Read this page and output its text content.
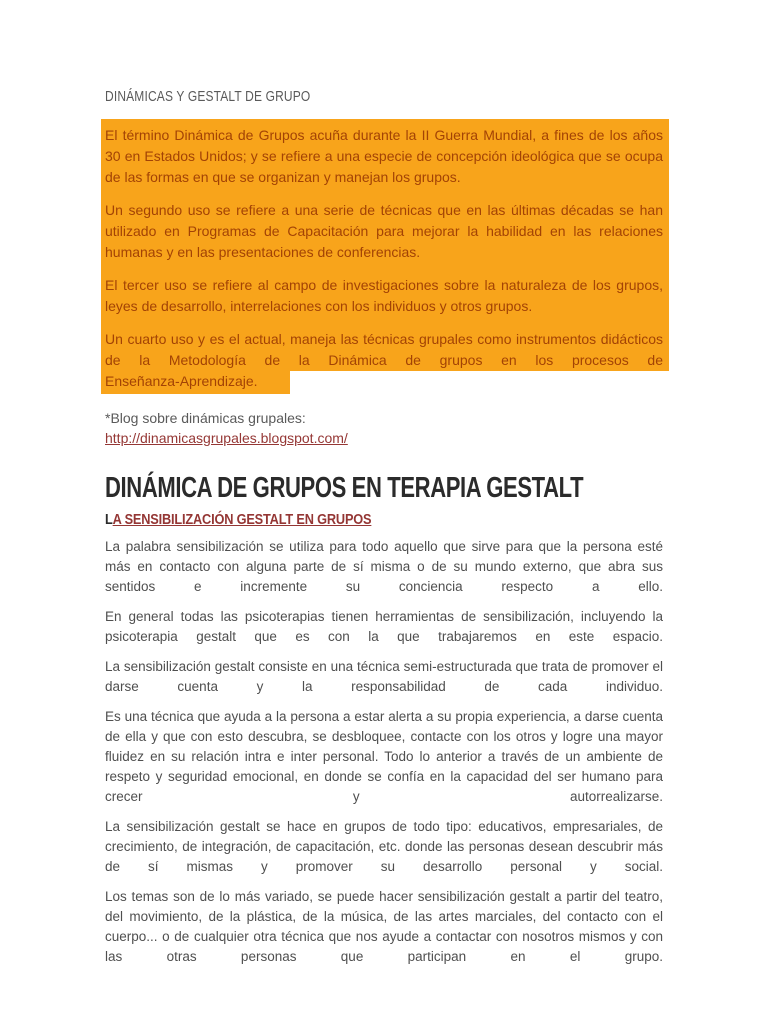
DINÁMICAS Y GESTALT DE GRUPO

El término Dinámica de Grupos acuña durante la II Guerra Mundial, a fines de los años 30 en Estados Unidos; y se refiere a una especie de concepción ideológica que se ocupa de las formas en que se organizan y manejan los grupos.

Un segundo uso se refiere a una serie de técnicas que en las últimas décadas se han utilizado en Programas de Capacitación para mejorar la habilidad en las relaciones humanas y en las presentaciones de conferencias.

El tercer uso se refiere al campo de investigaciones sobre la naturaleza de los grupos, leyes de desarrollo, interrelaciones con los individuos y otros grupos.

Un cuarto uso y es el actual, maneja las técnicas grupales como instrumentos didácticos de la Metodología de la Dinámica de grupos en los procesos de

Enseñanza-Aprendizaje.

*Blog sobre dinámicas grupales:
http://dinamicasgrupales.blogspot.com/
DINÁMICA DE GRUPOS EN TERAPIA GESTALT
LA SENSIBILIZACIÓN GESTALT EN GRUPOS

La palabra sensibilización se utiliza para todo aquello que sirve para que la persona esté más en contacto con alguna parte de sí misma o de su mundo externo, que abra sus sentidos e incremente su conciencia respecto a ello.

En general todas las psicoterapias tienen herramientas de sensibilización, incluyendo la psicoterapia gestalt que es con la que trabajaremos en este espacio.

La sensibilización gestalt consiste en una técnica semi-estructurada que trata de promover el darse cuenta y la responsabilidad de cada individuo.

Es una técnica que ayuda a la persona a estar alerta a su propia experiencia, a darse cuenta de ella y que con esto descubra, se desbloquee, contacte con los otros y logre una mayor fluidez en su relación intra e inter personal. Todo lo anterior a través de un ambiente de respeto y seguridad emocional, en donde se confía en la capacidad del ser humano para crecer y autorrealizarse.

La sensibilización gestalt se hace en grupos de todo tipo: educativos, empresariales, de crecimiento, de integración, de capacitación, etc. donde las personas desean descubrir más de sí mismas y promover su desarrollo personal y social.

Los temas son de lo más variado, se puede hacer sensibilización gestalt a partir del teatro, del movimiento, de la plástica, de la música, de las artes marciales, del contacto con el cuerpo... o de cualquier otra técnica que nos ayude a contactar con nosotros mismos y con las otras personas que participan en el grupo.
